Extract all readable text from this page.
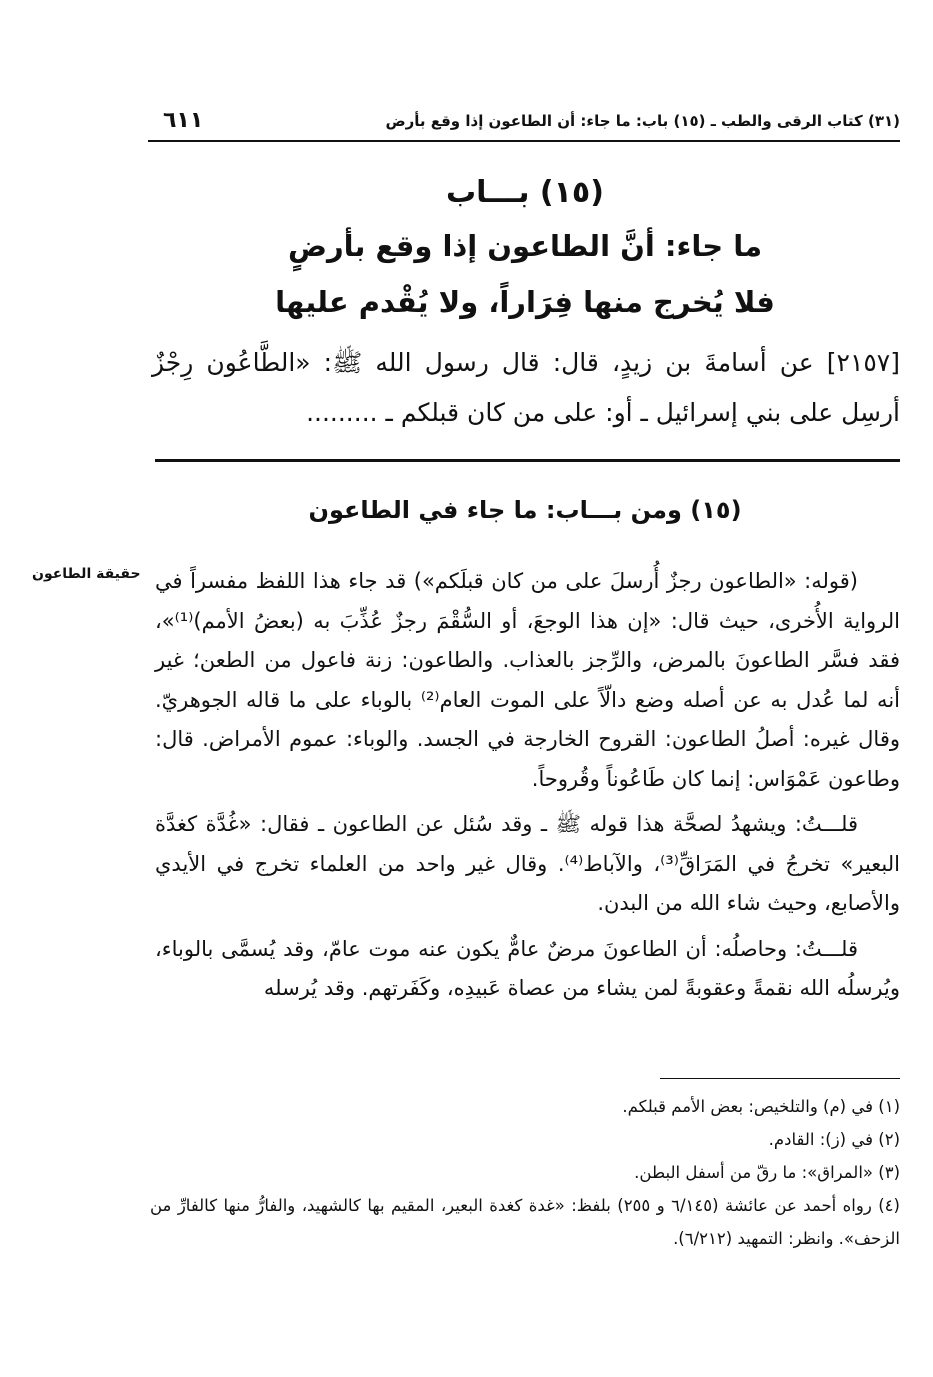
(٣١) كتاب الرقى والطب ـ (١٥) باب: ما جاء: أن الطاعون إذا وقع بأرض
٦١١
(١٥) بـــاب
ما جاء: أنَّ الطاعون إذا وقع بأرضٍ
فلا يُخرج منها فِرَاراً، ولا يُقْدم عليها
[٢١٥٧] عن أسامةَ بن زيدٍ، قال: قال رسول الله ﷺ: «الطَّاعُون رِجْزٌ أرسِل على بني إسرائيل ـ أو: على من كان قبلكم ـ .........
(١٥) ومن بـــاب: ما جاء في الطاعون
حقيقة الطاعون (قوله: «الطاعون رجزٌ أُرسلَ على من كان قبلَكم») قد جاء هذا اللفظ مفسراً في الرواية الأُخرى، حيث قال: «إن هذا الوجعَ، أو السُّقْمَ رجزٌ عُذِّبَ به (بعضُ الأمم)⁽¹⁾»، فقد فسَّر الطاعونَ بالمرض، والرِّجز بالعذاب. والطاعون: زنة فاعول من الطعن؛ غير أنه لما عُدل به عن أصله وضع دالّاً على الموت العام⁽²⁾ بالوباء على ما قاله الجوهريّ. وقال غيره: أصلُ الطاعون: القروح الخارجة في الجسد. والوباء: عموم الأمراض. قال: وطاعون عَمْوَاس: إنما كان طَاعُوناً وقُروحاً.

قلـــتُ: ويشهدُ لصحَّة هذا قوله ﷺ ـ وقد سُئل عن الطاعون ـ فقال: «غُدَّة كغدَّة البعير» تخرجُ في المَرَاقِّ⁽³⁾، والآباط⁽⁴⁾. وقال غير واحد من العلماء تخرج في الأيدي والأصابع، وحيث شاء الله من البدن.

قلـــتُ: وحاصلُه: أن الطاعونَ مرضٌ عامٌّ يكون عنه موت عامّ، وقد يُسمَّى بالوباء، ويُرسلُه الله نقمةً وعقوبةً لمن يشاء من عصاة عَبيدِه، وكَفَرتهم. وقد يُرسله

(١) في (م) والتلخيص: بعض الأمم قبلكم.

(٢) في (ز): القادم.

(٣) «المراق»: ما رقّ من أسفل البطن.

(٤) رواه أحمد عن عائشة (٦/١٤٥ و ٢٥٥) بلفظ: «غدة كغدة البعير، المقيم بها كالشهيد، والفارُّ منها كالفارِّ من الزحف». وانظر: التمهيد (٦/٢١٢).
